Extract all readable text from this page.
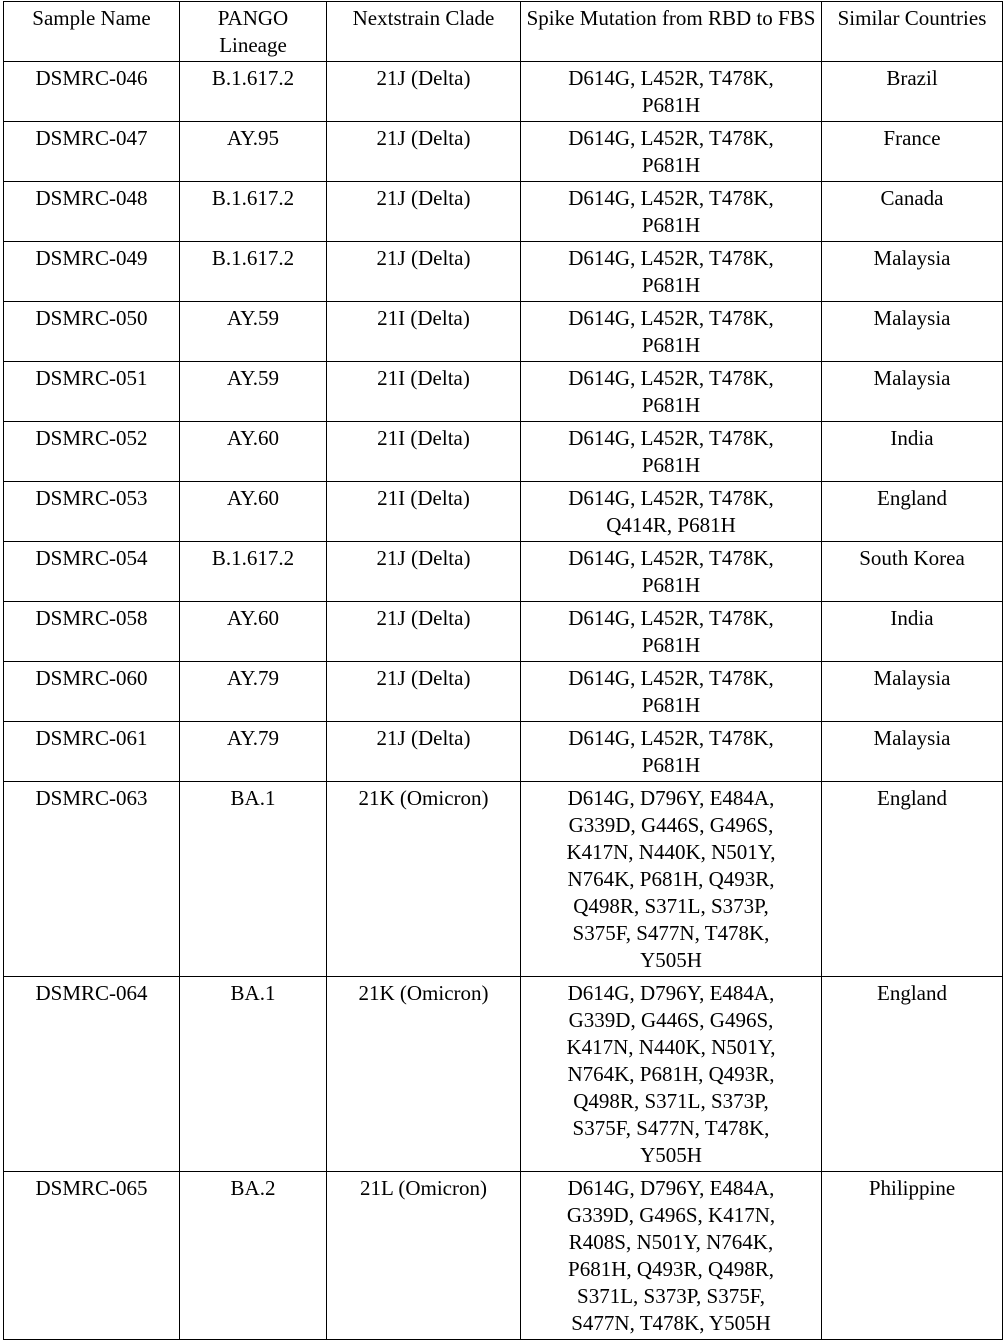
Sample Name	PANGO Lineage	Nextstrain Clade	Spike Mutation from RBD to FBS	Similar Countries

DSMRC-046	B.1.617.2	21J (Delta)	D614G, L452R, T478K, P681H	Brazil

DSMRC-047	AY.95	21J (Delta)	D614G, L452R, T478K, P681H	France

DSMRC-048	B.1.617.2	21J (Delta)	D614G, L452R, T478K, P681H	Canada

DSMRC-049	B.1.617.2	21J (Delta)	D614G, L452R, T478K, P681H	Malaysia

DSMRC-050	AY.59	21I (Delta)	D614G, L452R, T478K, P681H	Malaysia

DSMRC-051	AY.59	21I (Delta)	D614G, L452R, T478K, P681H	Malaysia

DSMRC-052	AY.60	21I (Delta)	D614G, L452R, T478K, P681H	India

DSMRC-053	AY.60	21I (Delta)	D614G, L452R, T478K, Q414R, P681H	England

DSMRC-054	B.1.617.2	21J (Delta)	D614G, L452R, T478K, P681H	South Korea

DSMRC-058	AY.60	21J (Delta)	D614G, L452R, T478K, P681H	India

DSMRC-060	AY.79	21J (Delta)	D614G, L452R, T478K, P681H	Malaysia

DSMRC-061	AY.79	21J (Delta)	D614G, L452R, T478K, P681H	Malaysia

DSMRC-063	BA.1	21K (Omicron)	D614G, D796Y, E484A, G339D, G446S, G496S, K417N, N440K, N501Y, N764K, P681H, Q493R, Q498R, S371L, S373P, S375F, S477N, T478K, Y505H	England

DSMRC-064	BA.1	21K (Omicron)	D614G, D796Y, E484A, G339D, G446S, G496S, K417N, N440K, N501Y, N764K, P681H, Q493R, Q498R, S371L, S373P, S375F, S477N, T478K, Y505H	England

DSMRC-065	BA.2	21L (Omicron)	D614G, D796Y, E484A, G339D, G496S, K417N, R408S, N501Y, N764K, P681H, Q493R, Q498R, S371L, S373P, S375F, S477N, T478K, Y505H	Philippine
